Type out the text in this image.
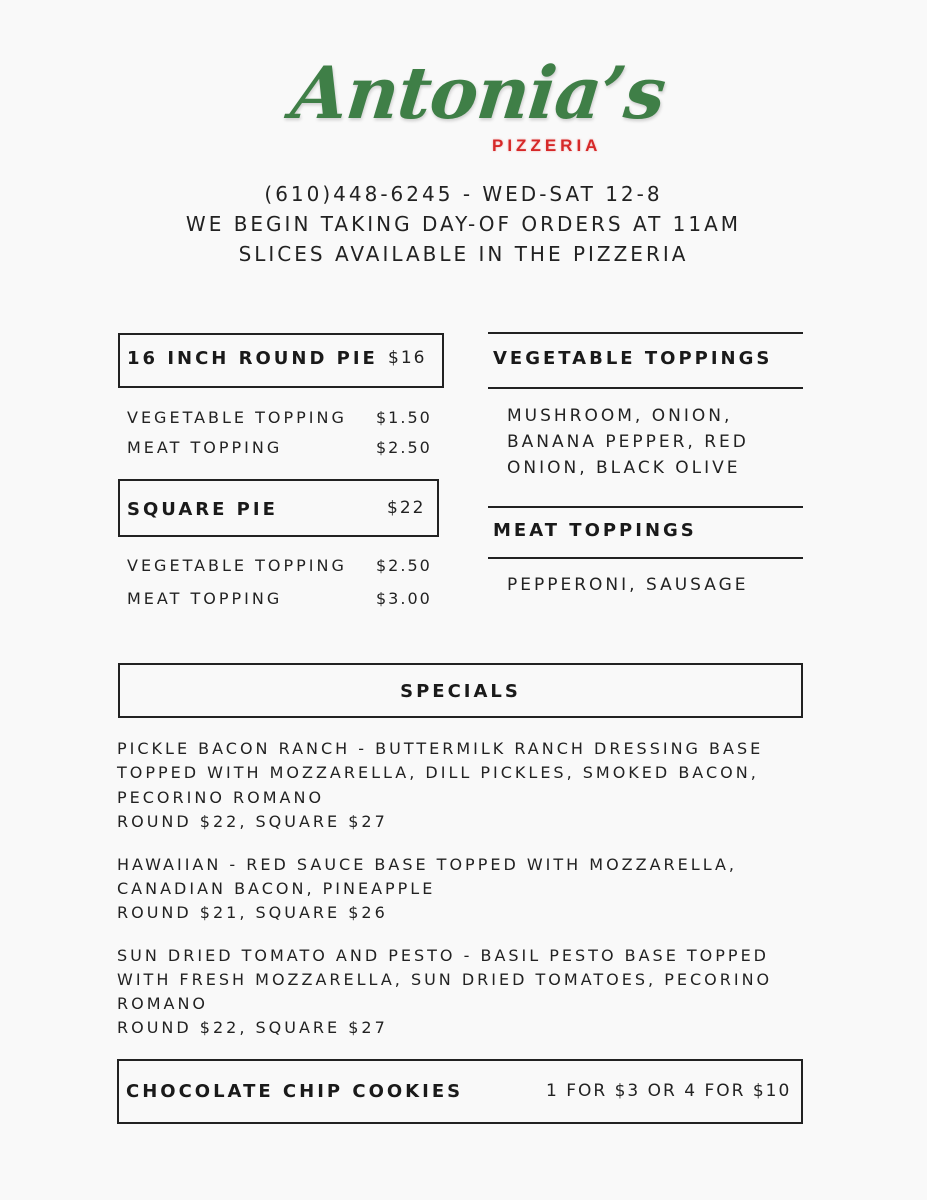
Antonia’s
PIZZERIA
(610)448-6245 - WED-SAT 12-8
WE BEGIN TAKING DAY-OF ORDERS AT 11AM
SLICES AVAILABLE IN THE PIZZERIA
16 INCH ROUND PIE $16
VEGETABLE TOPPING $1.50
MEAT TOPPING	$2.50
SQUARE PIE	$22
VEGETABLE TOPPING $2.50
MEAT TOPPING	$3.00
VEGETABLE TOPPINGS
MUSHROOM, ONION,
BANANA PEPPER, RED
ONION, BLACK OLIVE
MEAT TOPPINGS
PEPPERONI, SAUSAGE
SPECIALS
PICKLE BACON RANCH - BUTTERMILK RANCH DRESSING BASE
TOPPED WITH MOZZARELLA, DILL PICKLES, SMOKED BACON,
PECORINO ROMANO
ROUND $22, SQUARE $27
HAWAIIAN - RED SAUCE BASE TOPPED WITH MOZZARELLA,
CANADIAN BACON, PINEAPPLE
ROUND $21, SQUARE $26
SUN DRIED TOMATO AND PESTO - BASIL PESTO BASE TOPPED
WITH FRESH MOZZARELLA, SUN DRIED TOMATOES, PECORINO
ROMANO
ROUND $22, SQUARE $27
CHOCOLATE CHIP COOKIES	1 FOR $3 OR 4 FOR $10
